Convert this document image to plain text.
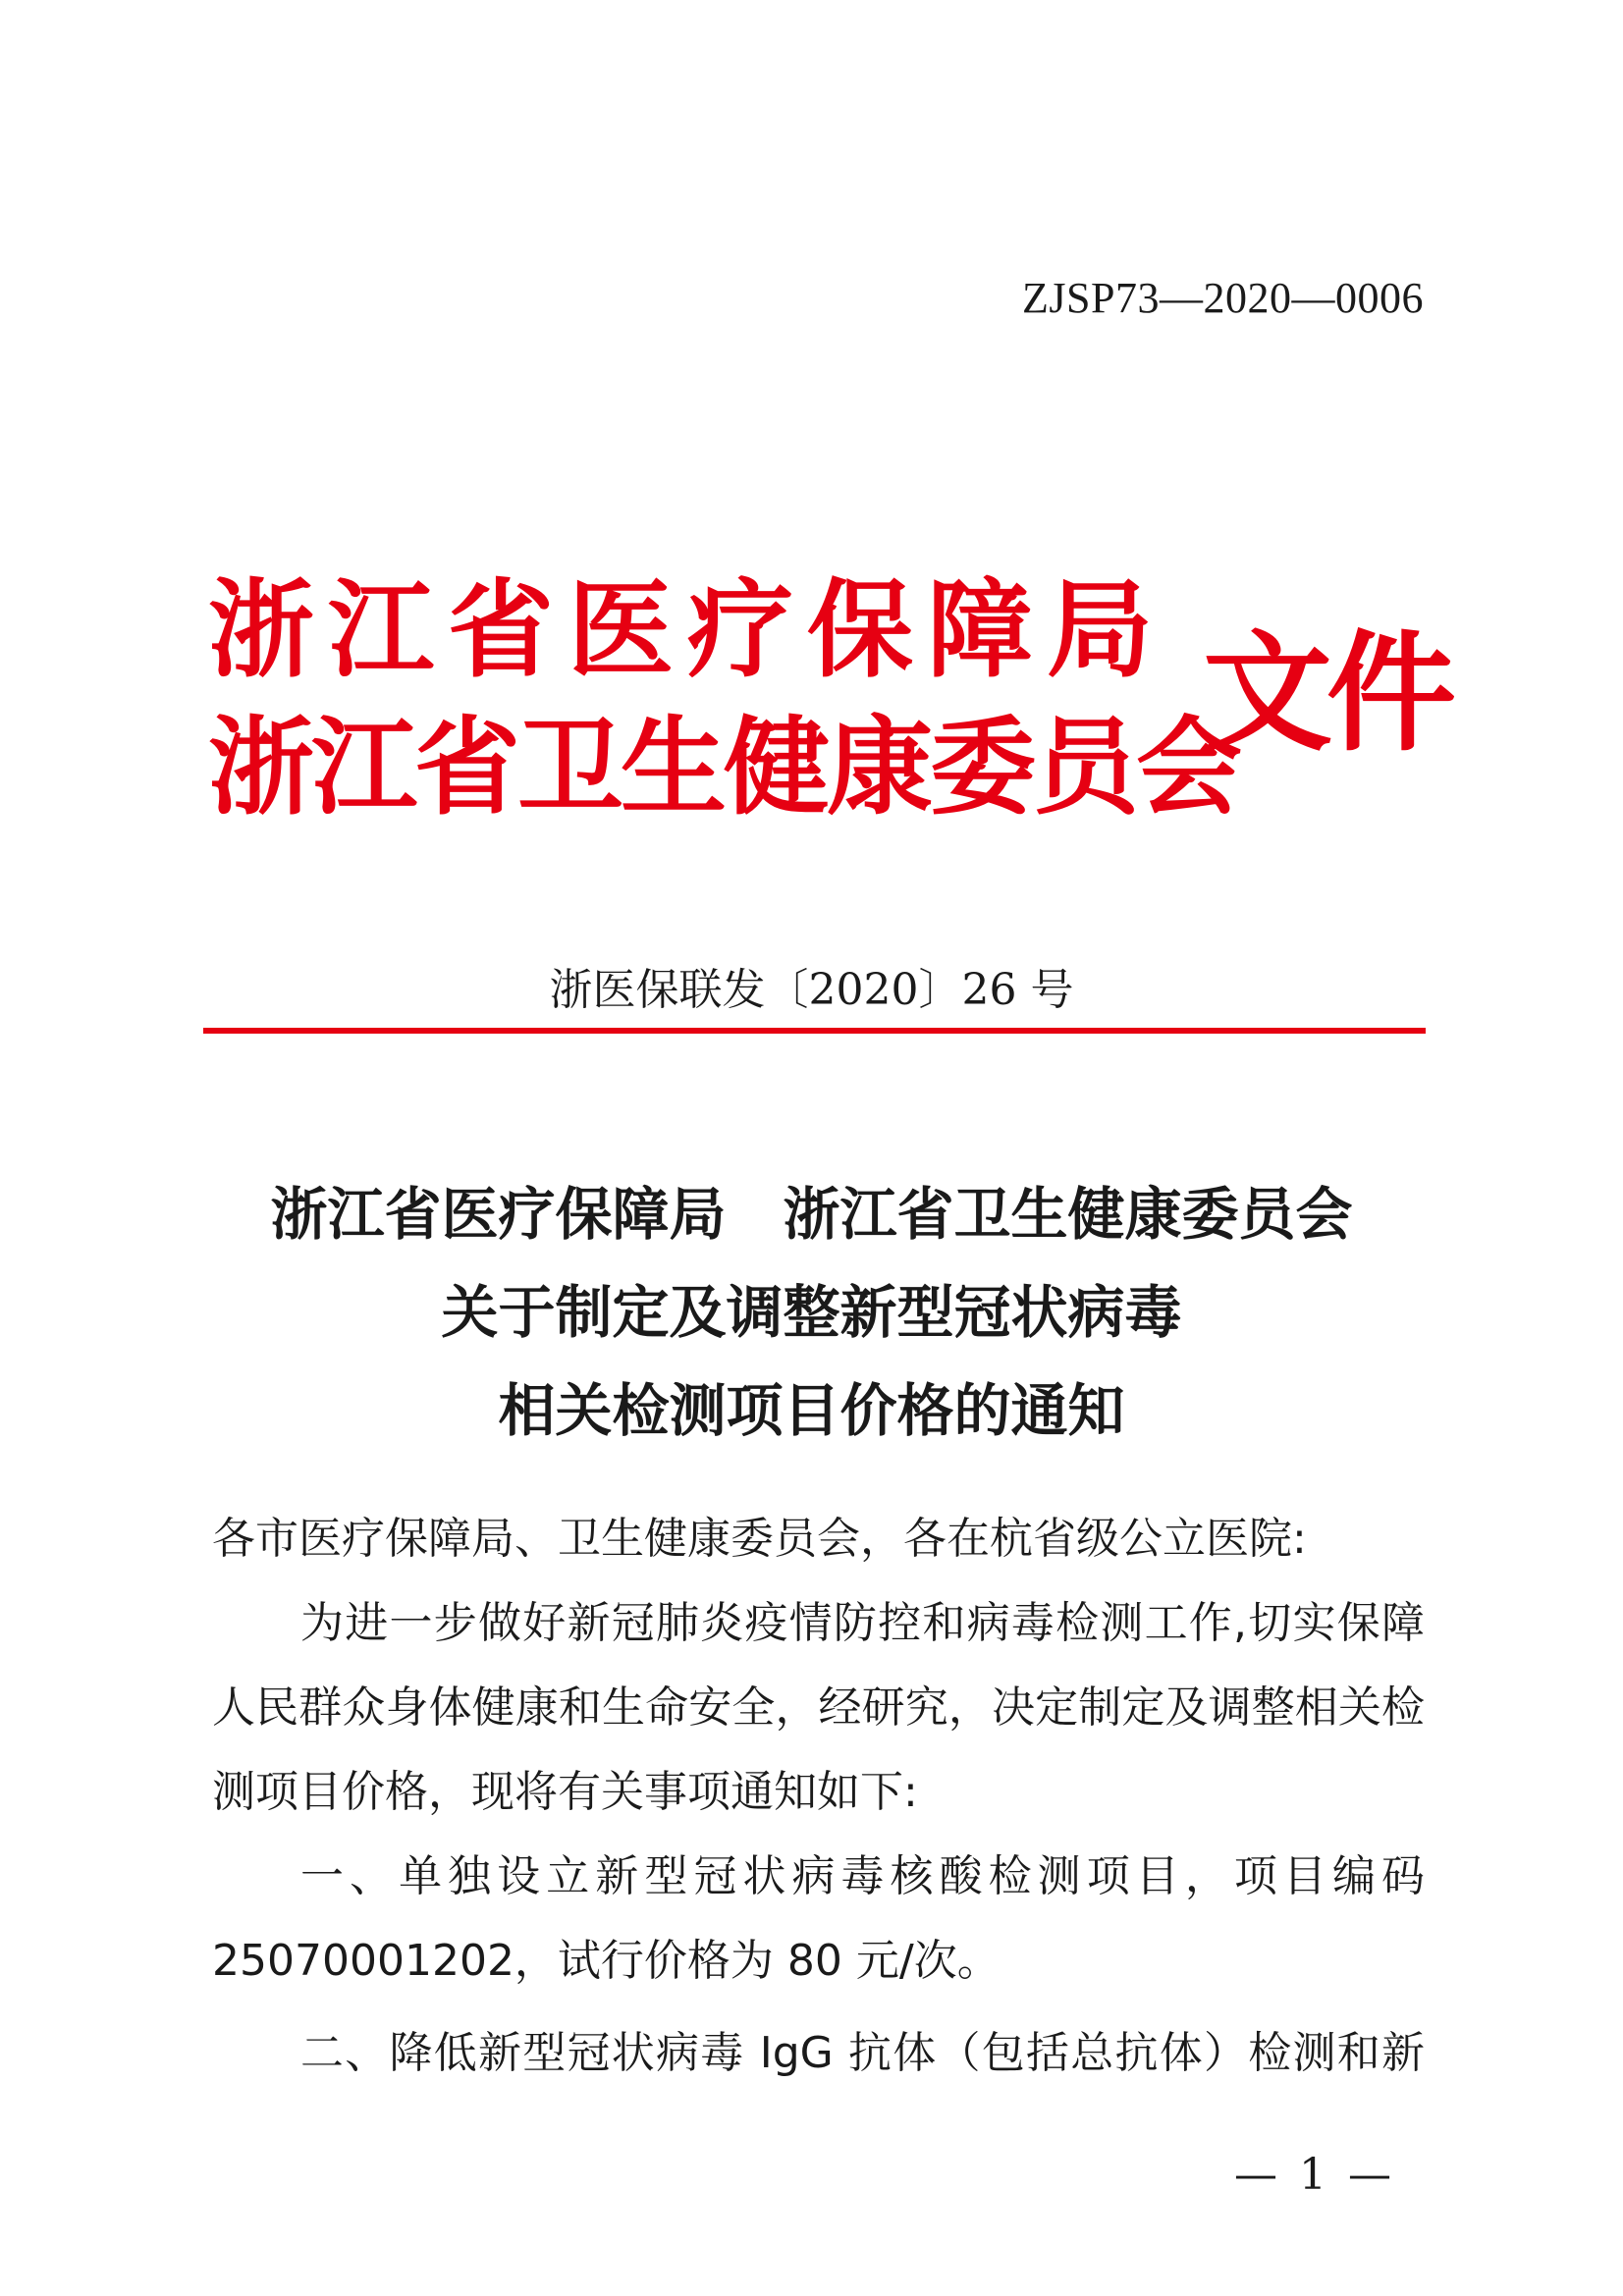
ZJSP73—2020—0006
浙江省医疗保障局
浙江省卫生健康委员会
文件
浙医保联发〔2020〕26 号
浙江省医疗保障局　浙江省卫生健康委员会
关于制定及调整新型冠状病毒
相关检测项目价格的通知
各市医疗保障局、卫生健康委员会，各在杭省级公立医院:
为进一步做好新冠肺炎疫情防控和病毒检测工作,切实保障
人民群众身体健康和生命安全，经研究，决定制定及调整相关检
测项目价格，现将有关事项通知如下:
一、单独设立新型冠状病毒核酸检测项目，项目编码
25070001202，试行价格为 80 元/次。
二、降低新型冠状病毒 IgG 抗体（包括总抗体）检测和新
— 1 —
